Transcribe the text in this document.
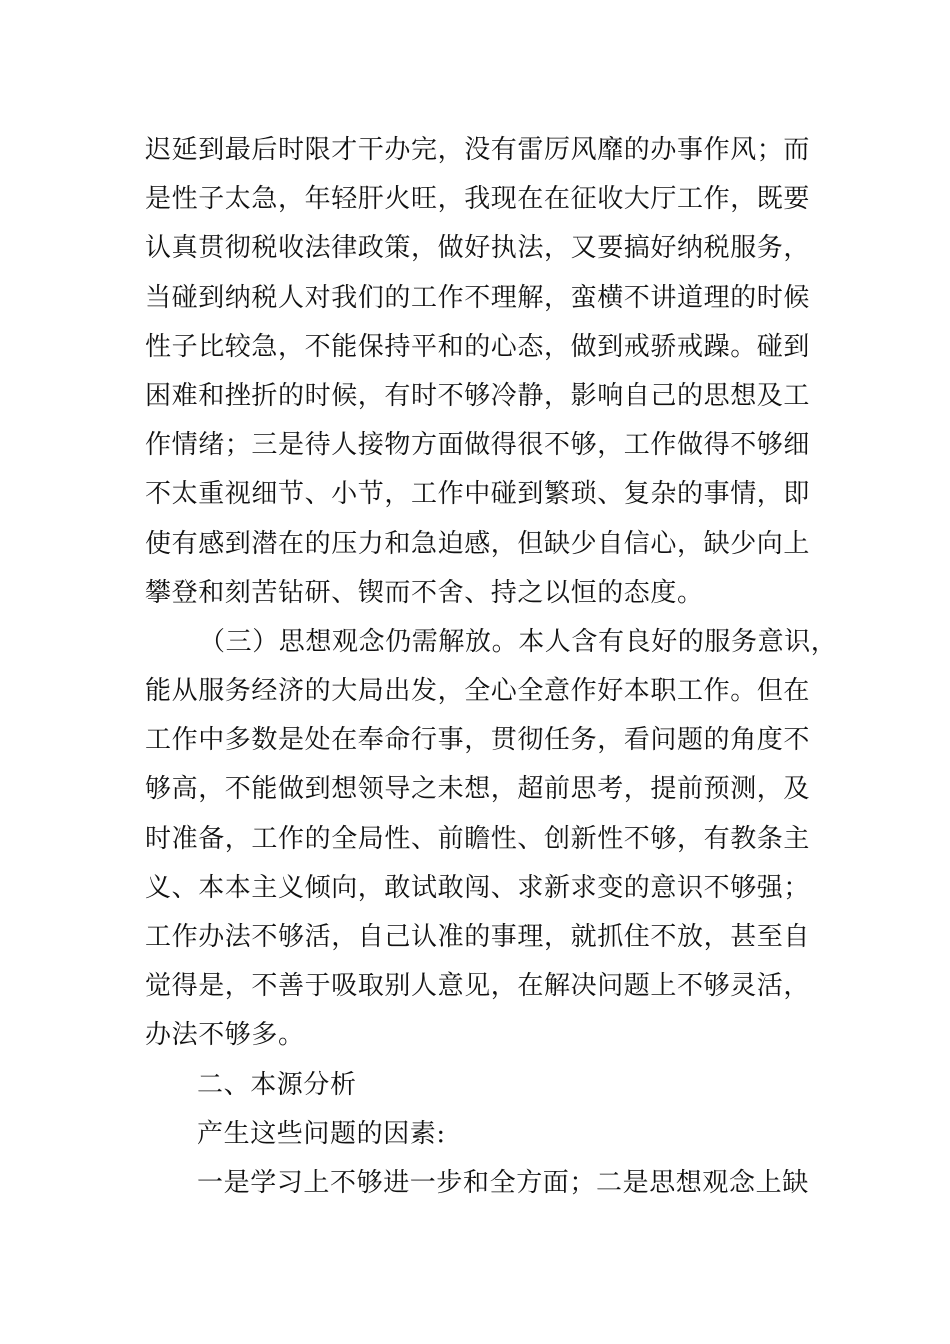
迟延到最后时限才干办完，没有雷厉风靡的办事作风；而
是性子太急，年轻肝火旺，我现在在征收大厅工作，既要
认真贯彻税收法律政策，做好执法，又要搞好纳税服务，
当碰到纳税人对我们的工作不理解，蛮横不讲道理的时候
性子比较急，不能保持平和的心态，做到戒骄戒躁。碰到
困难和挫折的时候，有时不够冷静，影响自己的思想及工
作情绪；三是待人接物方面做得很不够，工作做得不够细
不太重视细节、小节，工作中碰到繁琐、复杂的事情，即
使有感到潜在的压力和急迫感，但缺少自信心，缺少向上
攀登和刻苦钻研、锲而不舍、持之以恒的态度。
（三）思想观念仍需解放。本人含有良好的服务意识，
能从服务经济的大局出发，全心全意作好本职工作。但在
工作中多数是处在奉命行事，贯彻任务，看问题的角度不
够高，不能做到想领导之未想，超前思考，提前预测，及
时准备，工作的全局性、前瞻性、创新性不够，有教条主
义、本本主义倾向，敢试敢闯、求新求变的意识不够强；
工作办法不够活，自己认准的事理，就抓住不放，甚至自
觉得是，不善于吸取别人意见，在解决问题上不够灵活，
办法不够多。
二、本源分析
产生这些问题的因素:
一是学习上不够进一步和全方面；二是思想观念上缺
